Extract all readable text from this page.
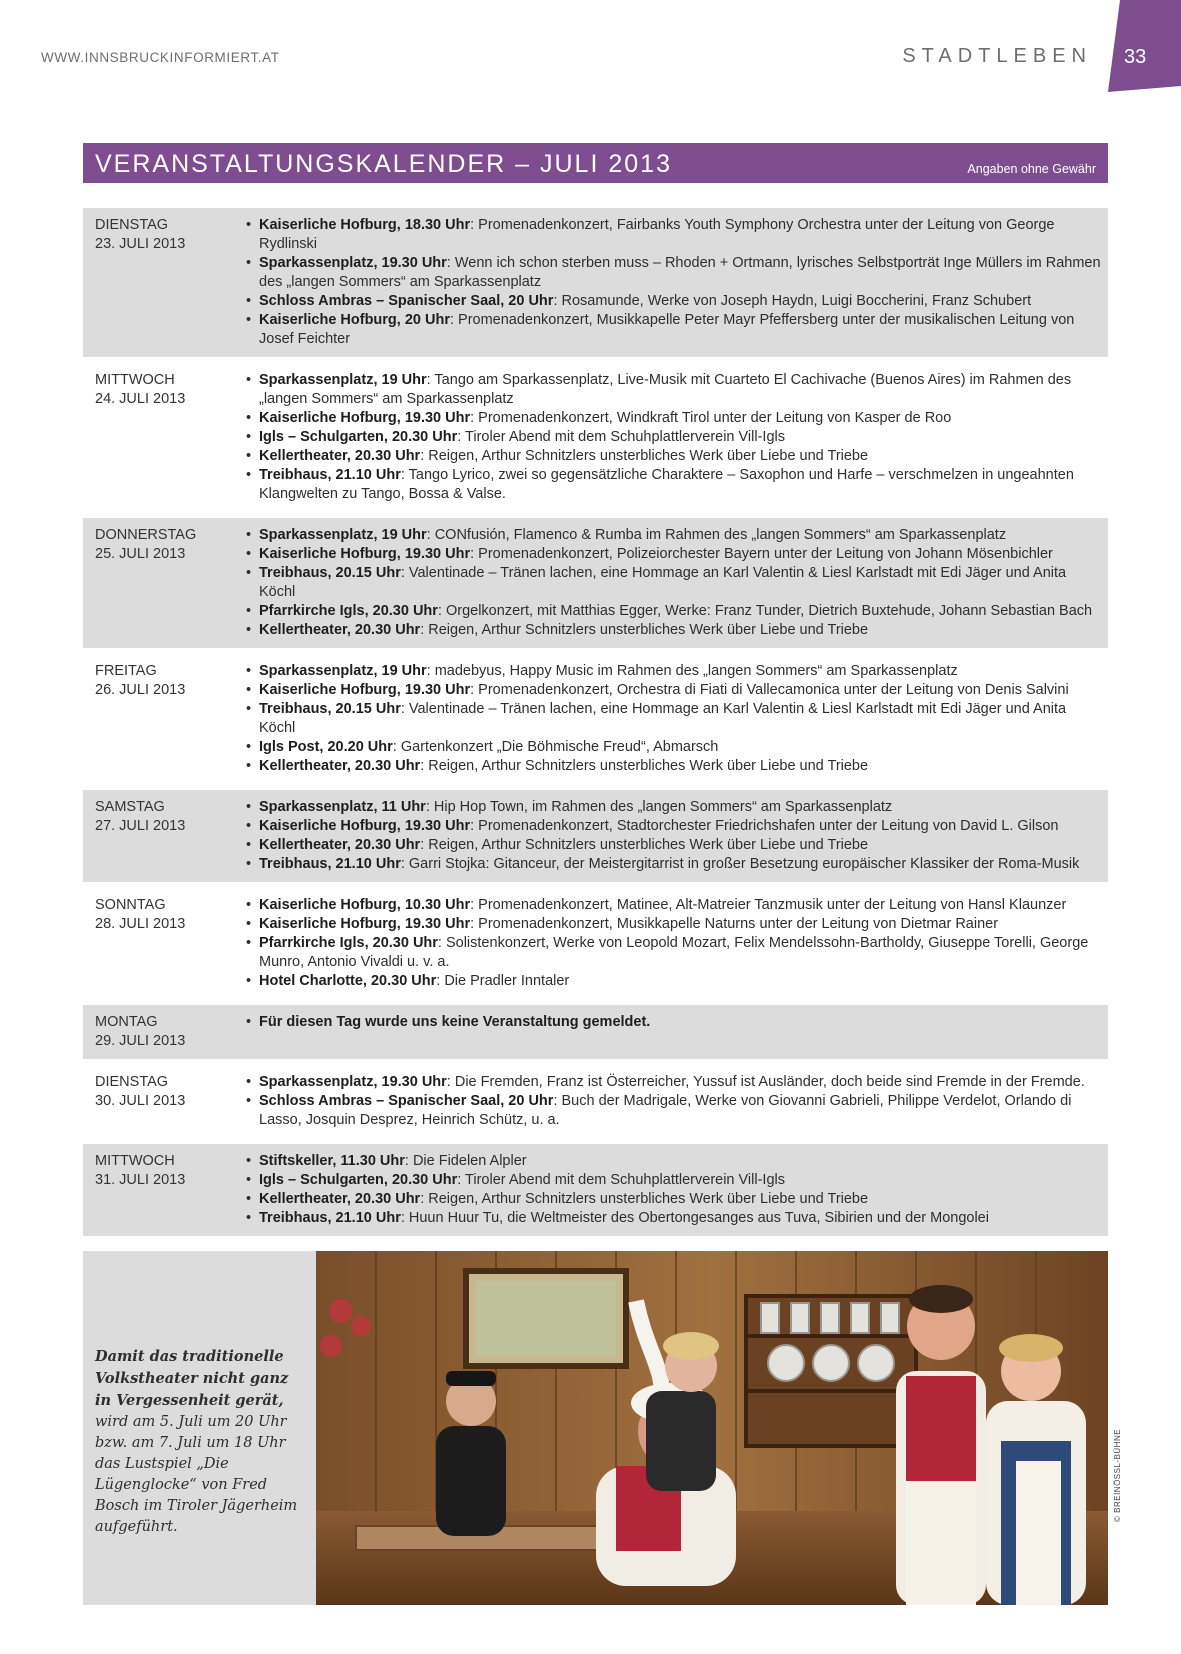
WWW.INNSBRUCKINFORMIERT.AT	STADTLEBEN 33
VERANSTALTUNGSKALENDER – JULI 2013	Angaben ohne Gewähr
DIENSTAG
23. JULI 2013
• Kaiserliche Hofburg, 18.30 Uhr: Promenadenkonzert, Fairbanks Youth Symphony Orchestra unter der Leitung von George Rydlinski
• Sparkassenplatz, 19.30 Uhr: Wenn ich schon sterben muss – Rhoden + Ortmann, lyrisches Selbstporträt Inge Müllers im Rahmen des „langen Sommers“ am Sparkassenplatz
• Schloss Ambras – Spanischer Saal, 20 Uhr: Rosamunde, Werke von Joseph Haydn, Luigi Boccherini, Franz Schubert
• Kaiserliche Hofburg, 20 Uhr: Promenadenkonzert, Musikkapelle Peter Mayr Pfeffersberg unter der musikalischen Leitung von Josef Feichter
MITTWOCH
24. JULI 2013
• Sparkassenplatz, 19 Uhr: Tango am Sparkassenplatz, Live-Musik mit Cuarteto El Cachivache (Buenos Aires) im Rahmen des „langen Sommers“ am Sparkassenplatz
• Kaiserliche Hofburg, 19.30 Uhr: Promenadenkonzert, Windkraft Tirol unter der Leitung von Kasper de Roo
• Igls – Schulgarten, 20.30 Uhr: Tiroler Abend mit dem Schuhplattlerverein Vill-Igls
• Kellertheater, 20.30 Uhr: Reigen, Arthur Schnitzlers unsterbliches Werk über Liebe und Triebe
• Treibhaus, 21.10 Uhr: Tango Lyrico, zwei so gegensätzliche Charaktere – Saxophon und Harfe – verschmelzen in ungeahnten Klangwelten zu Tango, Bossa & Valse.
DONNERSTAG
25. JULI 2013
• Sparkassenplatz, 19 Uhr: CONfusión, Flamenco & Rumba im Rahmen des „langen Sommers“ am Sparkassenplatz
• Kaiserliche Hofburg, 19.30 Uhr: Promenadenkonzert, Polizeiorchester Bayern unter der Leitung von Johann Mösenbichler
• Treibhaus, 20.15 Uhr: Valentinade – Tränen lachen, eine Hommage an Karl Valentin & Liesl Karlstadt mit Edi Jäger und Anita Köchl
• Pfarrkirche Igls, 20.30 Uhr: Orgelkonzert, mit Matthias Egger, Werke: Franz Tunder, Dietrich Buxtehude, Johann Sebastian Bach
• Kellertheater, 20.30 Uhr: Reigen, Arthur Schnitzlers unsterbliches Werk über Liebe und Triebe
FREITAG
26. JULI 2013
• Sparkassenplatz, 19 Uhr: madebyus, Happy Music im Rahmen des „langen Sommers“ am Sparkassenplatz
• Kaiserliche Hofburg, 19.30 Uhr: Promenadenkonzert, Orchestra di Fiati di Vallecamonica unter der Leitung von Denis Salvini
• Treibhaus, 20.15 Uhr: Valentinade – Tränen lachen, eine Hommage an Karl Valentin & Liesl Karlstadt mit Edi Jäger und Anita Köchl
• Igls Post, 20.20 Uhr: Gartenkonzert „Die Böhmische Freud“, Abmarsch
• Kellertheater, 20.30 Uhr: Reigen, Arthur Schnitzlers unsterbliches Werk über Liebe und Triebe
SAMSTAG
27. JULI 2013
• Sparkassenplatz, 11 Uhr: Hip Hop Town, im Rahmen des „langen Sommers“ am Sparkassenplatz
• Kaiserliche Hofburg, 19.30 Uhr: Promenadenkonzert, Stadtorchester Friedrichshafen unter der Leitung von David L. Gilson
• Kellertheater, 20.30 Uhr: Reigen, Arthur Schnitzlers unsterbliches Werk über Liebe und Triebe
• Treibhaus, 21.10 Uhr: Garri Stojka: Gitanceur, der Meistergitarrist in großer Besetzung europäischer Klassiker der Roma-Musik
SONNTAG
28. JULI 2013
• Kaiserliche Hofburg, 10.30 Uhr: Promenadenkonzert, Matinee, Alt-Matreier Tanzmusik unter der Leitung von Hansl Klaunzer
• Kaiserliche Hofburg, 19.30 Uhr: Promenadenkonzert, Musikkapelle Naturns unter der Leitung von Dietmar Rainer
• Pfarrkirche Igls, 20.30 Uhr: Solistenkonzert, Werke von Leopold Mozart, Felix Mendelssohn-Bartholdy, Giuseppe Torelli, George Munro, Antonio Vivaldi u. v. a.
• Hotel Charlotte, 20.30 Uhr: Die Pradler Inntaler
MONTAG
29. JULI 2013
• Für diesen Tag wurde uns keine Veranstaltung gemeldet.
DIENSTAG
30. JULI 2013
• Sparkassenplatz, 19.30 Uhr: Die Fremden, Franz ist Österreicher, Yussuf ist Ausländer, doch beide sind Fremde in der Fremde.
• Schloss Ambras – Spanischer Saal, 20 Uhr: Buch der Madrigale, Werke von Giovanni Gabrieli, Philippe Verdelot, Orlando di Lasso, Josquin Desprez, Heinrich Schütz, u. a.
MITTWOCH
31. JULI 2013
• Stiftskeller, 11.30 Uhr: Die Fidelen Alpler
• Igls – Schulgarten, 20.30 Uhr: Tiroler Abend mit dem Schuhplattlerverein Vill-Igls
• Kellertheater, 20.30 Uhr: Reigen, Arthur Schnitzlers unsterbliches Werk über Liebe und Triebe
• Treibhaus, 21.10 Uhr: Huun Huur Tu, die Weltmeister des Obertongesanges aus Tuva, Sibirien und der Mongolei
Damit das traditionelle Volkstheater nicht ganz in Vergessenheit gerät, wird am 5. Juli um 20 Uhr bzw. am 7. Juli um 18 Uhr das Lustspiel „Die Lügenglocke“ von Fred Bosch im Tiroler Jägerheim aufgeführt.
© BREINÖSSL-BÜHNE
